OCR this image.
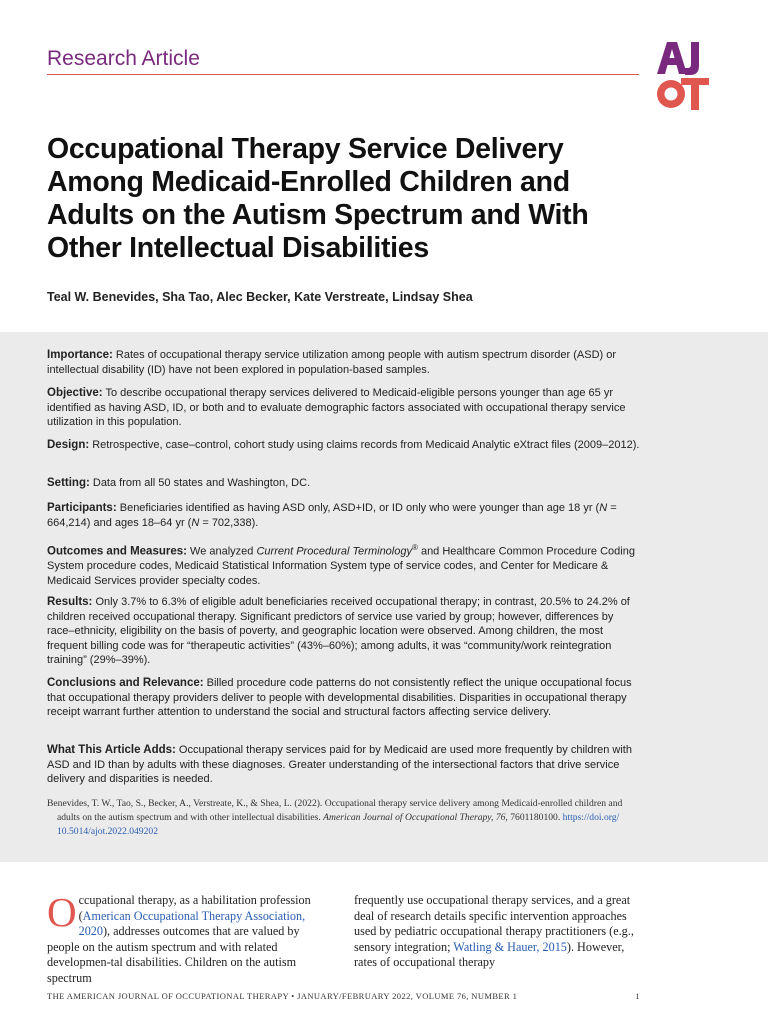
Research Article
Occupational Therapy Service Delivery Among Medicaid-Enrolled Children and Adults on the Autism Spectrum and With Other Intellectual Disabilities
Teal W. Benevides, Sha Tao, Alec Becker, Kate Verstreate, Lindsay Shea
Importance: Rates of occupational therapy service utilization among people with autism spectrum disorder (ASD) or intellectual disability (ID) have not been explored in population-based samples.
Objective: To describe occupational therapy services delivered to Medicaid-eligible persons younger than age 65 yr identified as having ASD, ID, or both and to evaluate demographic factors associated with occupational therapy service utilization in this population.
Design: Retrospective, case–control, cohort study using claims records from Medicaid Analytic eXtract files (2009–2012).
Setting: Data from all 50 states and Washington, DC.
Participants: Beneficiaries identified as having ASD only, ASD+ID, or ID only who were younger than age 18 yr (N = 664,214) and ages 18–64 yr (N = 702,338).
Outcomes and Measures: We analyzed Current Procedural Terminology® and Healthcare Common Procedure Coding System procedure codes, Medicaid Statistical Information System type of service codes, and Center for Medicare & Medicaid Services provider specialty codes.
Results: Only 3.7% to 6.3% of eligible adult beneficiaries received occupational therapy; in contrast, 20.5% to 24.2% of children received occupational therapy. Significant predictors of service use varied by group; however, differences by race–ethnicity, eligibility on the basis of poverty, and geographic location were observed. Among children, the most frequent billing code was for “therapeutic activities” (43%–60%); among adults, it was “community/work reintegration training” (29%–39%).
Conclusions and Relevance: Billed procedure code patterns do not consistently reflect the unique occupational focus that occupational therapy providers deliver to people with developmental disabilities. Disparities in occupational therapy receipt warrant further attention to understand the social and structural factors affecting service delivery.
What This Article Adds: Occupational therapy services paid for by Medicaid are used more frequently by children with ASD and ID than by adults with these diagnoses. Greater understanding of the intersectional factors that drive service delivery and disparities is needed.
Benevides, T. W., Tao, S., Becker, A., Verstreate, K., & Shea, L. (2022). Occupational therapy service delivery among Medicaid-enrolled children and
adults on the autism spectrum and with other intellectual disabilities. American Journal of Occupational Therapy, 76, 7601180100. https://doi.org/
10.5014/ajot.2022.049202
Occupational therapy, as a habilitation profession (American Occupational Therapy Association, 2020), addresses outcomes that are valued by people on the autism spectrum and with related developmen-tal disabilities. Children on the autism spectrum
frequently use occupational therapy services, and a great deal of research details specific intervention approaches used by pediatric occupational therapy practitioners (e.g., sensory integration; Watling & Hauer, 2015). However, rates of occupational therapy
THE AMERICAN JOURNAL OF OCCUPATIONAL THERAPY • JANUARY/FEBRUARY 2022, VOLUME 76, NUMBER 1	1
